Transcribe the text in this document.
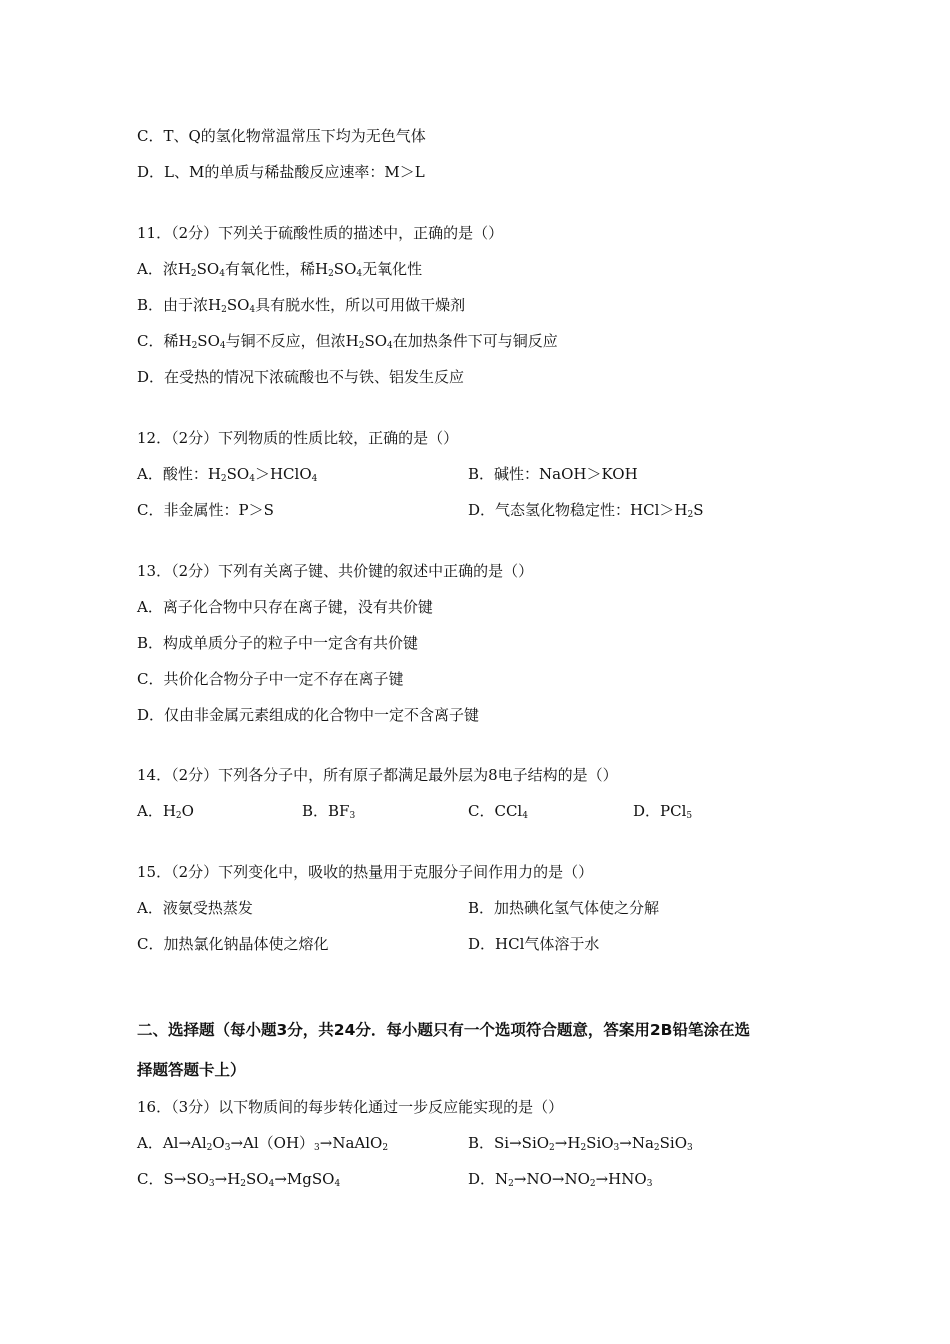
C．T、Q的氢化物常温常压下均为无色气体
D．L、M的单质与稀盐酸反应速率：M＞L
11．（2分）下列关于硫酸性质的描述中，正确的是（）
A．浓$H_2SO_4$有氧化性，稀$H_2SO_4$无氧化性
B．由于浓$H_2SO_4$具有脱水性，所以可用做干燥剂
C．稀$H_2SO_4$与铜不反应，但浓$H_2SO_4$在加热条件下可与铜反应
D．在受热的情况下浓硫酸也不与铁、铝发生反应
12．（2分）下列物质的性质比较，正确的是（）
A．酸性：$H_2SO_4>HClO_4$	B．碱性：NaOH＞KOH
C．非金属性：P＞S	D．气态氢化物稳定性：$HCl>H_2S$
13．（2分）下列有关离子键、共价键的叙述中正确的是（）
A．离子化合物中只存在离子键，没有共价键
B．构成单质分子的粒子中一定含有共价键
C．共价化合物分子中一定不存在离子键
D．仅由非金属元素组成的化合物中一定不含离子键
14．（2分）下列各分子中，所有原子都满足最外层为8电子结构的是（）
A．$H_2O$	B．$BF_3$	C．CCl$_4$	D．PCl$_5$
15．（2分）下列变化中，吸收的热量用于克服分子间作用力的是（）
A．液氨受热蒸发	B．加热碘化氢气体使之分解
C．加热氯化钠晶体使之熔化	D．HCl气体溶于水
二、选择题（每小题3分，共24分．每小题只有一个选项符合题意，答案用2B铅笔涂在选
择题答题卡上）
16．（3分）以下物质间的每步转化通过一步反应能实现的是（）
A．$Al\to Al_2O_3\to Al(OH)_3\to NaAlO_2$	B．$Si\to SiO_2\to H_2SiO_3\to Na_2SiO_3$
C．$S\to SO_3\to H_2SO_4\to MgSO_4$	D．$N_2\to NO\to NO_2\to HNO_3$
